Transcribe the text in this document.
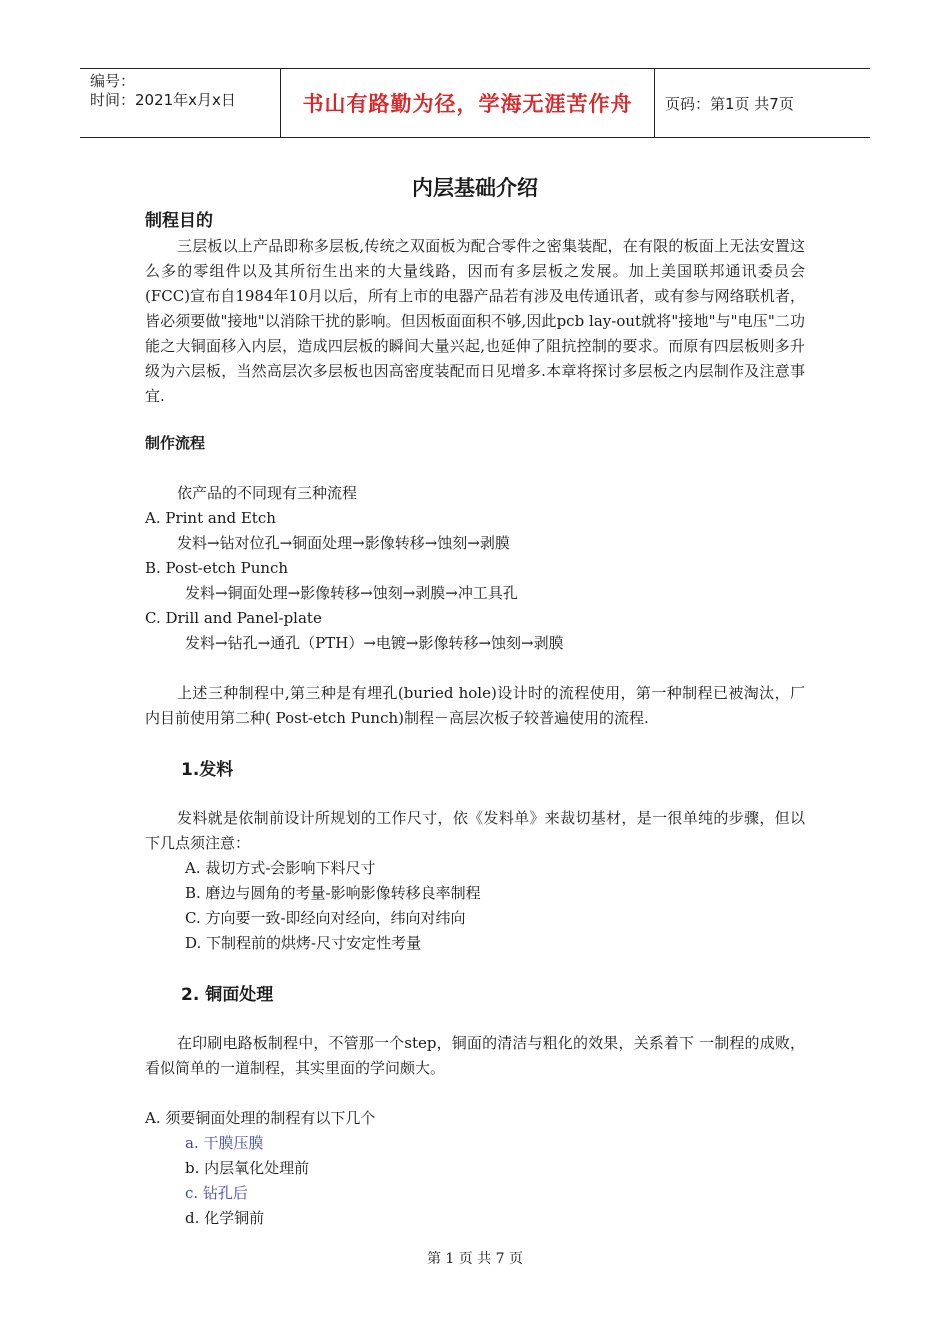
编号：
时间：2021年x月x日	书山有路勤为径，学海无涯苦作舟	页码：第1页 共7页
内层基础介绍
制程目的

三层板以上产品即称多层板,传统之双面板为配合零件之密集装配，在有限的板面上无法安置这么多的零组件以及其所衍生出来的大量线路，因而有多层板之发展。加上美国联邦通讯委员会(FCC)宣布自1984年10月以后，所有上市的电器产品若有涉及电传通讯者，或有参与网络联机者，皆必须要做"接地"以消除干扰的影响。但因板面面积不够,因此pcb lay-out就将"接地"与"电压"二功能之大铜面移入内层，造成四层板的瞬间大量兴起,也延伸了阻抗控制的要求。而原有四层板则多升级为六层板，当然高层次多层板也因高密度装配而日见增多.本章将探讨多层板之内层制作及注意事宜.

制作流程

依产品的不同现有三种流程

A. Print and Etch

发料→钻对位孔→铜面处理→影像转移→蚀刻→剥膜

B. Post-etch Punch

发料→铜面处理→影像转移→蚀刻→剥膜→冲工具孔

C. Drill and Panel-plate

发料→钻孔→通孔（PTH）→电镀→影像转移→蚀刻→剥膜

上述三种制程中,第三种是有埋孔(buried hole)设计时的流程使用，第一种制程已被淘汰，厂内目前使用第二种( Post-etch Punch)制程－高层次板子较普遍使用的流程.

1.发料

发料就是依制前设计所规划的工作尺寸，依《发料单》来裁切基材，是一很单纯的步骤，但以下几点须注意：

A. 裁切方式-会影响下料尺寸

B. 磨边与圆角的考量-影响影像转移良率制程

C. 方向要一致-即经向对经向，纬向对纬向

D. 下制程前的烘烤-尺寸安定性考量

2. 铜面处理

在印刷电路板制程中，不管那一个step，铜面的清洁与粗化的效果，关系着下 一制程的成败，看似简单的一道制程，其实里面的学问颇大。

A. 须要铜面处理的制程有以下几个

a. 干膜压膜

b. 内层氧化处理前

c. 钻孔后

d. 化学铜前

第 1 页 共 7 页
